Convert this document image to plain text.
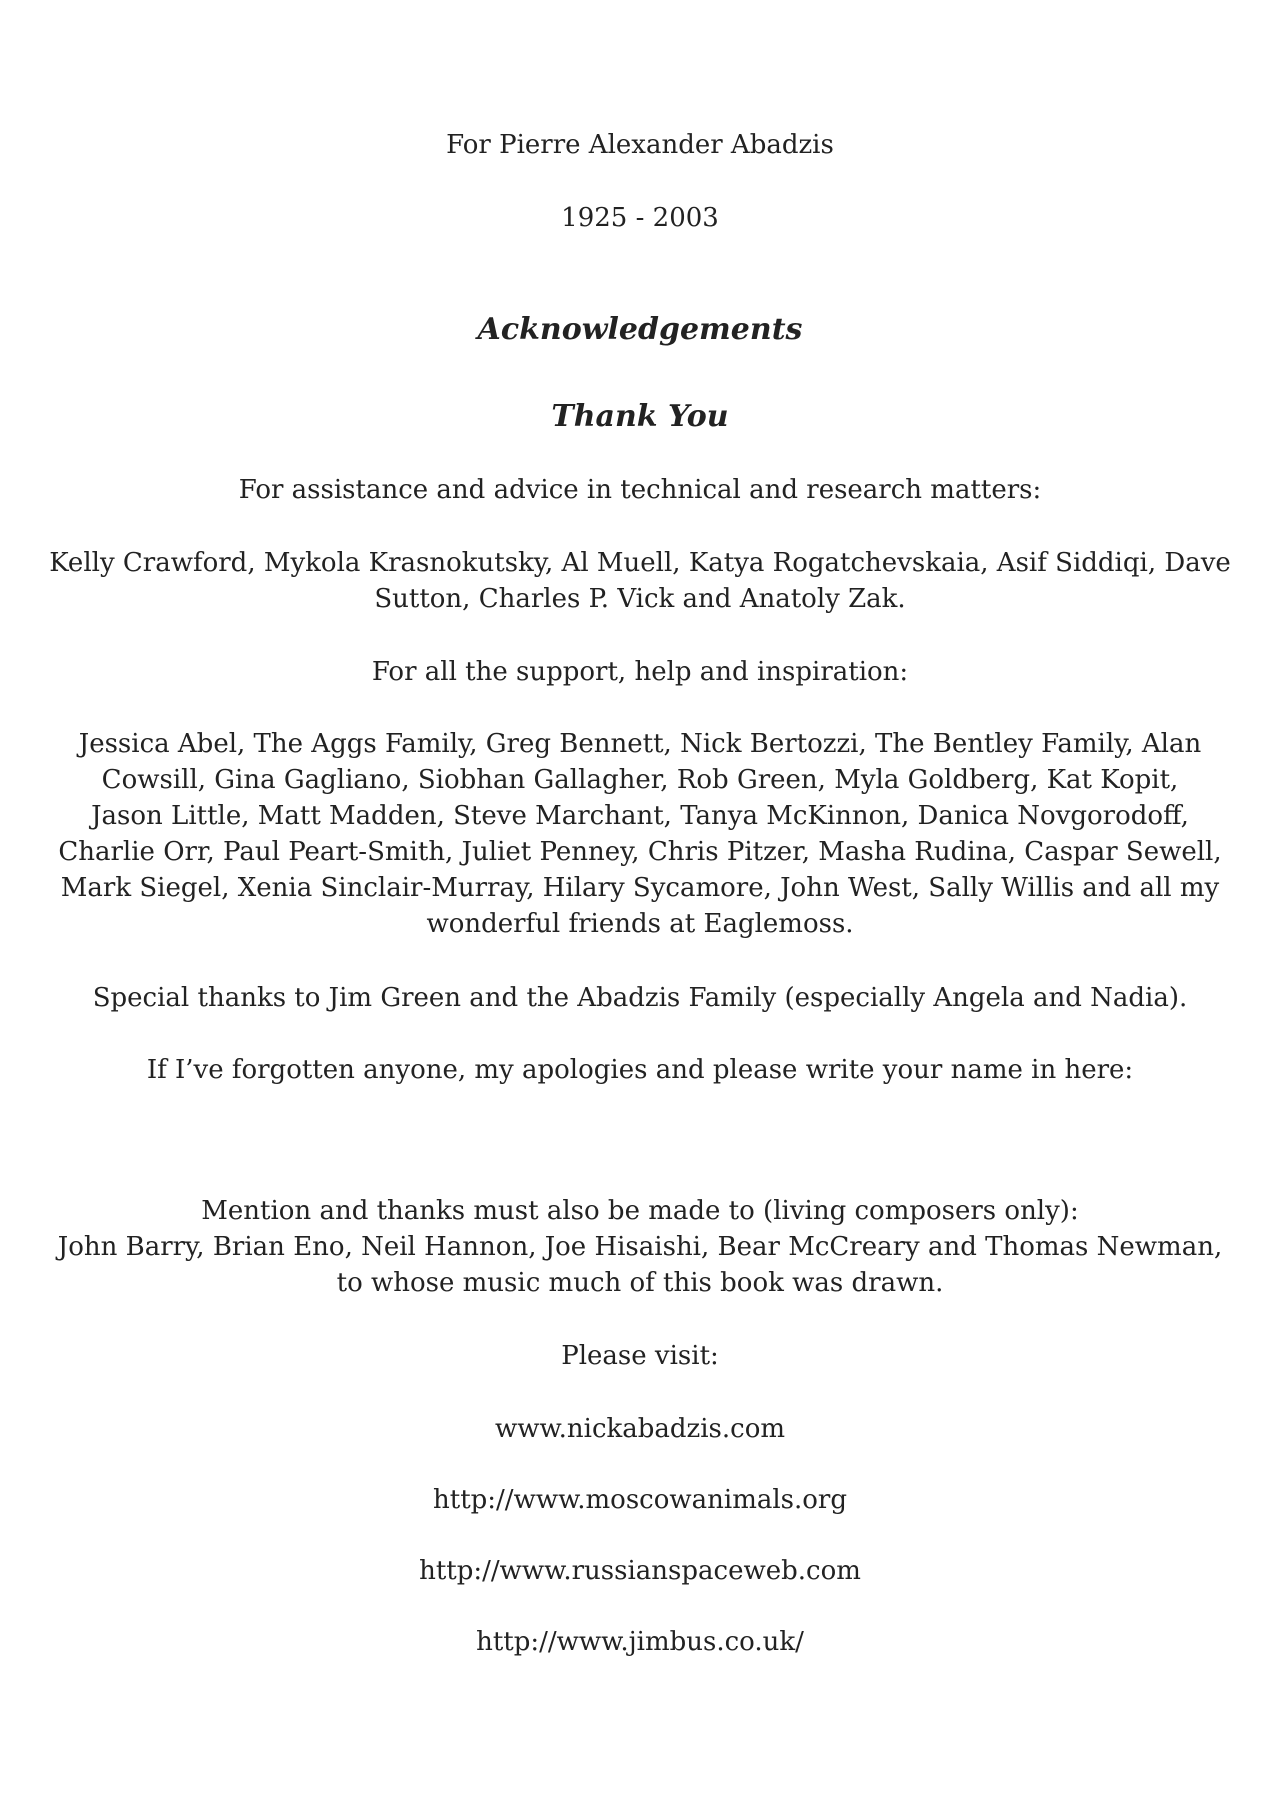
For Pierre Alexander Abadzis
1925 - 2003
Acknowledgements
Thank You
For assistance and advice in technical and research matters:
Kelly Crawford, Mykola Krasnokutsky, Al Muell, Katya Rogatchevskaia, Asif Siddiqi, Dave
Sutton, Charles P. Vick and Anatoly Zak.
For all the support, help and inspiration:
Jessica Abel, The Aggs Family, Greg Bennett, Nick Bertozzi, The Bentley Family, Alan
Cowsill, Gina Gagliano, Siobhan Gallagher, Rob Green, Myla Goldberg, Kat Kopit,
Jason Little, Matt Madden, Steve Marchant, Tanya McKinnon, Danica Novgorodoff,
Charlie Orr, Paul Peart-Smith, Juliet Penney, Chris Pitzer, Masha Rudina, Caspar Sewell,
Mark Siegel, Xenia Sinclair-Murray, Hilary Sycamore, John West, Sally Willis and all my
wonderful friends at Eaglemoss.
Special thanks to Jim Green and the Abadzis Family (especially Angela and Nadia).
If I’ve forgotten anyone, my apologies and please write your name in here:
Mention and thanks must also be made to (living composers only):
John Barry, Brian Eno, Neil Hannon, Joe Hisaishi, Bear McCreary and Thomas Newman,
to whose music much of this book was drawn.
Please visit:
www.nickabadzis.com
http://www.moscowanimals.org
http://www.russianspaceweb.com
http://www.jimbus.co.uk/
